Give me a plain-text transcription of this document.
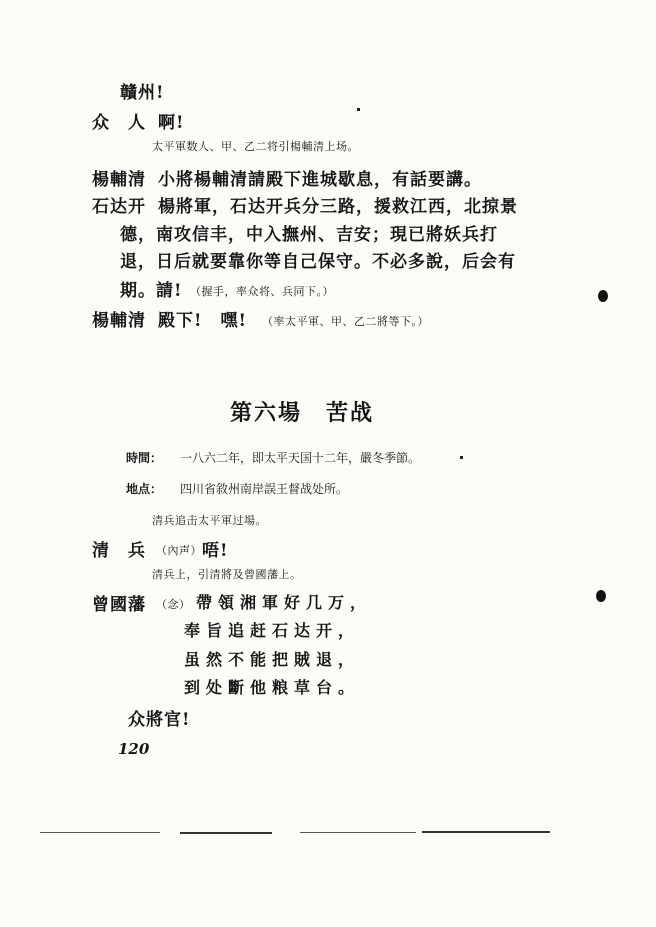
贛州!
众　人 啊!
太平軍数人、甲、乙二将引楊輔清上场。
楊輔清 小將楊輔清請殿下進城歇息，有話要講。
石达开 楊將軍，石达开兵分三路，援救江西，北掠景
德，南攻信丰，中入撫州、吉安；現已將妖兵打
退，日后就要靠你等自己保守。不必多說，后会有
期。請! （握手，率众将、兵同下。）
楊輔清 殿下!　嘿! （率太平軍、甲、乙二將等下。）
第六場　苦战
時間： 一八六二年，即太平天国十二年，嚴冬季節。
地点： 四川省敘州南岸誤王督战处所。
清兵追击太平軍过場。
清　兵 （內声） 唔!
清兵上，引清將及曾國藩上。
曾國藩 （念） 帶領湘軍好几万，
奉旨追赶石达开，
虽然不能把賊退，
到处斷他粮草台。
众將官!
120
